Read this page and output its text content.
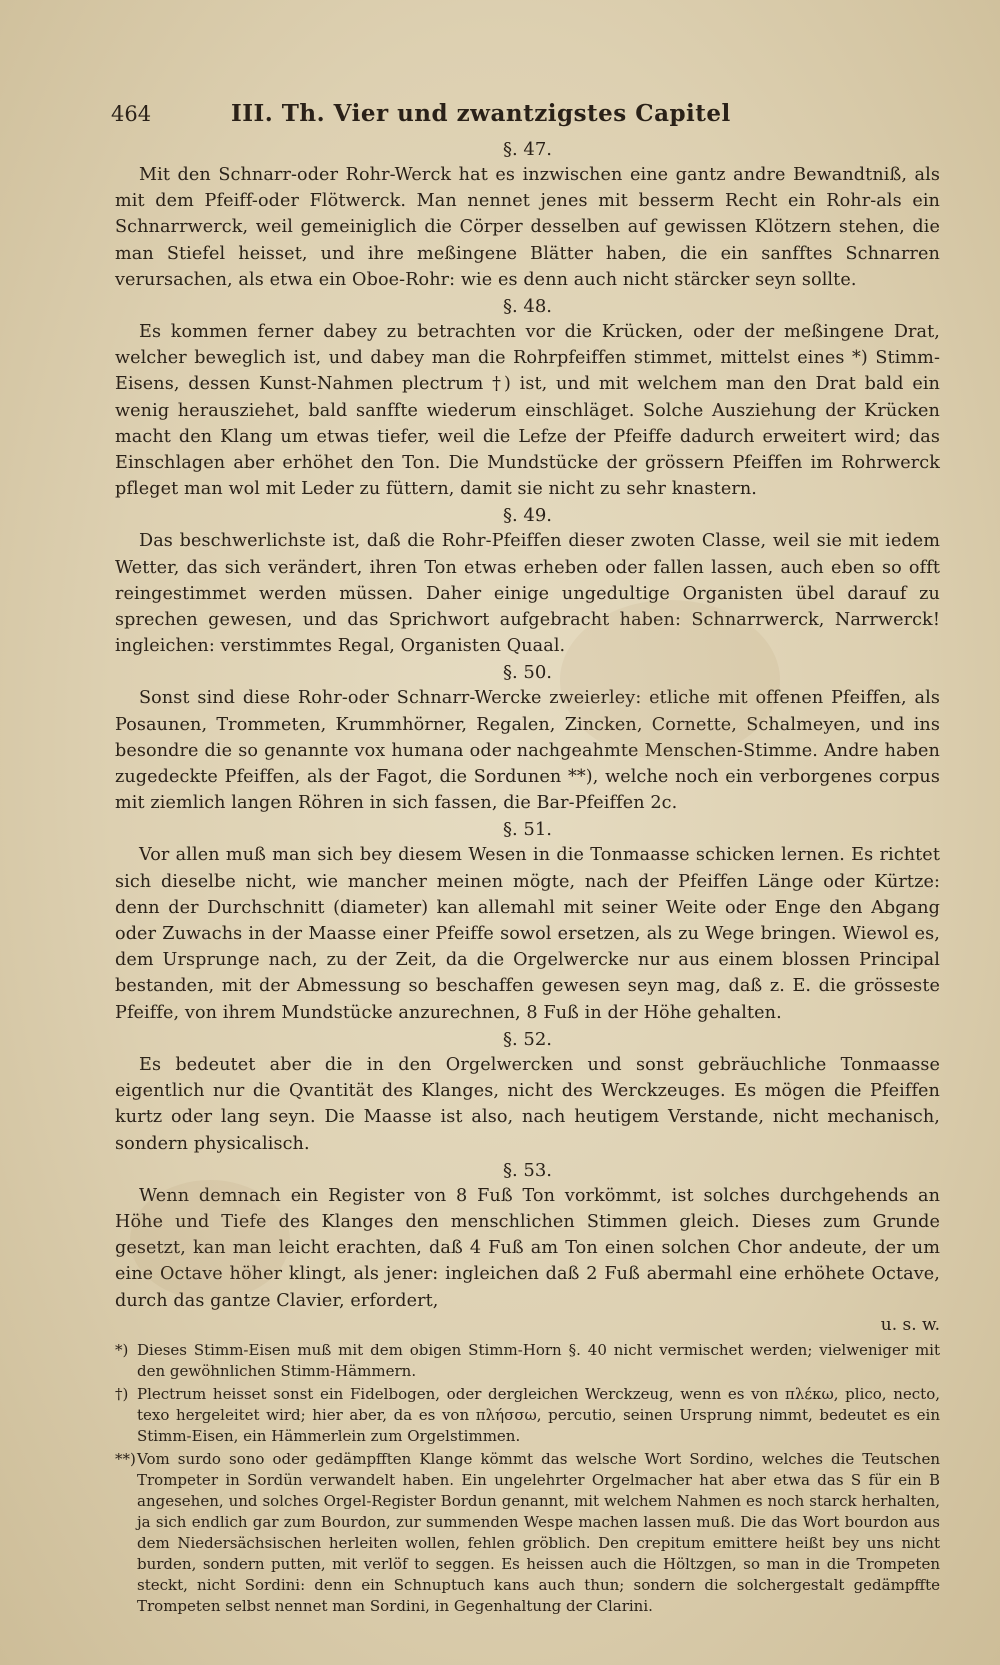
464	III. Th. Vier und zwantzigstes Capitel

§. 47.

Mit den Schnarr-oder Rohr-Werck hat es inzwischen eine gantz andre Bewandtniß, als mit dem Pfeiff-oder Flötwerck. Man nennet jenes mit besserm Recht ein Rohr-als ein Schnarrwerck, weil gemeiniglich die Cörper desselben auf gewissen Klötzern stehen, die man Stiefel heisset, und ihre meßingene Blätter haben, die ein sanfftes Schnarren verursachen, als etwa ein Oboe-Rohr: wie es denn auch nicht stärcker seyn sollte.

§. 48.

Es kommen ferner dabey zu betrachten vor die Krücken, oder der meßingene Drat, welcher beweglich ist, und dabey man die Rohrpfeiffen stimmet, mittelst eines *) Stimm-Eisens, dessen Kunst-Nahmen plectrum †) ist, und mit welchem man den Drat bald ein wenig herausziehet, bald sanffte wiederum einschläget. Solche Ausziehung der Krücken macht den Klang um etwas tiefer, weil die Lefze der Pfeiffe dadurch erweitert wird; das Einschlagen aber erhöhet den Ton. Die Mundstücke der grössern Pfeiffen im Rohrwerck pfleget man wol mit Leder zu füttern, damit sie nicht zu sehr knastern.

§. 49.

Das beschwerlichste ist, daß die Rohr-Pfeiffen dieser zwoten Classe, weil sie mit iedem Wetter, das sich verändert, ihren Ton etwas erheben oder fallen lassen, auch eben so offt reingestimmet werden müssen. Daher einige ungedultige Organisten übel darauf zu sprechen gewesen, und das Sprichwort aufgebracht haben: Schnarrwerck, Narrwerck! ingleichen: verstimmtes Regal, Organisten Quaal.

§. 50.

Sonst sind diese Rohr-oder Schnarr-Wercke zweierley: etliche mit offenen Pfeiffen, als Posaunen, Trommeten, Krummhörner, Regalen, Zincken, Cornette, Schalmeyen, und ins besondre die so genannte vox humana oder nachgeahmte Menschen-Stimme. Andre haben zugedeckte Pfeiffen, als der Fagot, die Sordunen **), welche noch ein verborgenes corpus mit ziemlich langen Röhren in sich fassen, die Bar-Pfeiffen 2c.

§. 51.

Vor allen muß man sich bey diesem Wesen in die Tonmaasse schicken lernen. Es richtet sich dieselbe nicht, wie mancher meinen mögte, nach der Pfeiffen Länge oder Kürtze: denn der Durchschnitt (diameter) kan allemahl mit seiner Weite oder Enge den Abgang oder Zuwachs in der Maasse einer Pfeiffe sowol ersetzen, als zu Wege bringen. Wiewol es, dem Ursprunge nach, zu der Zeit, da die Orgelwercke nur aus einem blossen Principal bestanden, mit der Abmessung so beschaffen gewesen seyn mag, daß z. E. die grösseste Pfeiffe, von ihrem Mundstücke anzurechnen, 8 Fuß in der Höhe gehalten.

§. 52.

Es bedeutet aber die in den Orgelwercken und sonst gebräuchliche Tonmaasse eigentlich nur die Qvantität des Klanges, nicht des Werckzeuges. Es mögen die Pfeiffen kurtz oder lang seyn. Die Maasse ist also, nach heutigem Verstande, nicht mechanisch, sondern physicalisch.

§. 53.

Wenn demnach ein Register von 8 Fuß Ton vorkömmt, ist solches durchgehends an Höhe und Tiefe des Klanges den menschlichen Stimmen gleich. Dieses zum Grunde gesetzt, kan man leicht erachten, daß 4 Fuß am Ton einen solchen Chor andeute, der um eine Octave höher klingt, als jener: ingleichen daß 2 Fuß abermahl eine erhöhete Octave, durch das gantze Clavier, erfordert,

u. s. w.

*) Dieses Stimm-Eisen muß mit dem obigen Stimm-Horn §. 40 nicht vermischet werden; vielweniger mit den gewöhnlichen Stimm-Hämmern.

†) Plectrum heisset sonst ein Fidelbogen, oder dergleichen Werckzeug, wenn es von πλέκω, plico, necto, texo hergeleitet wird; hier aber, da es von πλήσσω, percutio, seinen Ursprung nimmt, bedeutet es ein Stimm-Eisen, ein Hämmerlein zum Orgelstimmen.

**)Vom surdo sono oder gedämpfften Klange kömmt das welsche Wort Sordino, welches die Teutschen Trompeter in Sordün verwandelt haben. Ein ungelehrter Orgelmacher hat aber etwa das S für ein B angesehen, und solches Orgel-Register Bordun genannt, mit welchem Nahmen es noch starck herhalten, ja sich endlich gar zum Bourdon, zur summenden Wespe machen lassen muß. Die das Wort bourdon aus dem Niedersächsischen herleiten wollen, fehlen gröblich. Den crepitum emittere heißt bey uns nicht burden, sondern putten, mit verlöf to seggen. Es heissen auch die Höltzgen, so man in die Trompeten steckt, nicht Sordini: denn ein Schnuptuch kans auch thun; sondern die solchergestalt gedämpffte Trompeten selbst nennet man Sordini, in Gegenhaltung der Clarini.
